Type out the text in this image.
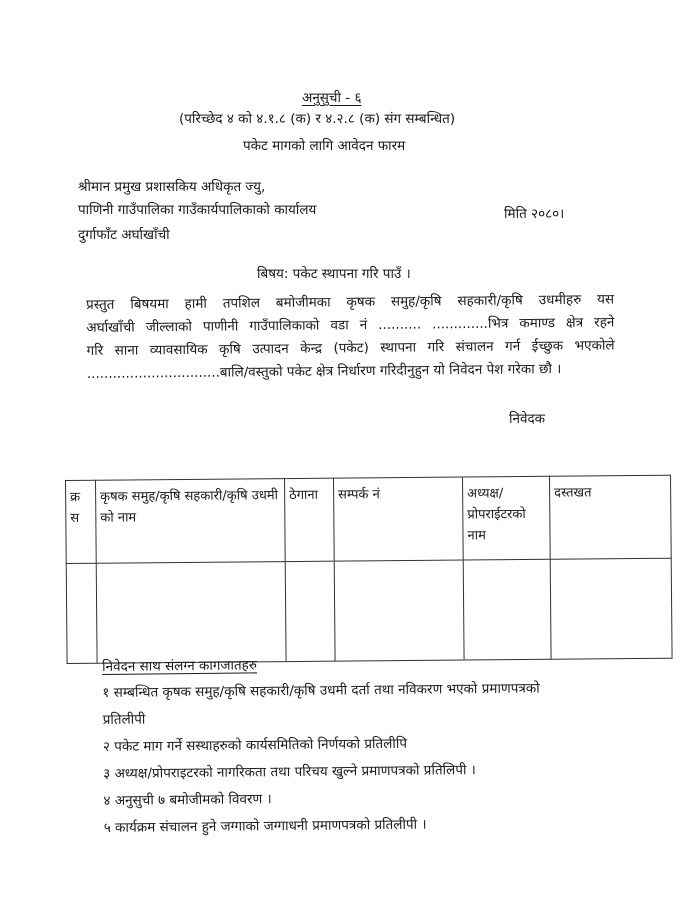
अनुसुची - ६
(परिच्छेद ४ को ४.१.८ (क) र ४.२.८ (क) संग सम्बन्धित)
पकेट मागको लागि आवेदन फारम
श्रीमान प्रमुख प्रशासकिय अधिकृत ज्यु,
पाणिनी गाउँपालिका गाउँकार्यपालिकाको कार्यालय	मिति २०८०।
दुर्गाफाँट अर्घाखाँची
बिषय: पकेट स्थापना गरि पाउँ ।
प्रस्तुत बिषयमा हामी तपशिल बमोजीमका कृषक समुह/कृषि सहकारी/कृषि उधमीहरु यस
अर्घाखाँची जील्लाको पाणीनी गाउँपालिकाको वडा नं .......... .............भित्र कमाण्ड क्षेत्र रहने
गरि साना व्यावसायिक कृषि उत्पादन केन्द्र (पकेट) स्थापना गरि संचालन गर्न ईच्छुक भएकोले
...............................बालि/वस्तुको पकेट क्षेत्र निर्धारण गरिदीनुहुन यो निवेदन पेश गरेका छौ ।
निवेदक
क्र स	कृषक समुह/कृषि सहकारी/कृषि उधमी को नाम	ठेगाना	सम्पर्क नं	अध्यक्ष/ प्रोपराईटरको नाम	दस्तखत

निवेदन साथ संलग्न कागजातहरु
१ सम्बन्धित कृषक समुह/कृषि सहकारी/कृषि उधमी दर्ता तथा नविकरण भएको प्रमाणपत्रको
प्रतिलीपी
२ पकेट माग गर्ने सस्थाहरुको कार्यसमितिको निर्णयको प्रतिलीपि
३ अध्यक्ष/प्रोपराइटरको नागरिकता तथा परिचय खुल्ने प्रमाणपत्रको प्रतिलिपी ।
४ अनुसुची ७ बमोजीमको विवरण ।
५ कार्यक्रम संचालन हुने जग्गाको जग्गाधनी प्रमाणपत्रको प्रतिलीपी ।
